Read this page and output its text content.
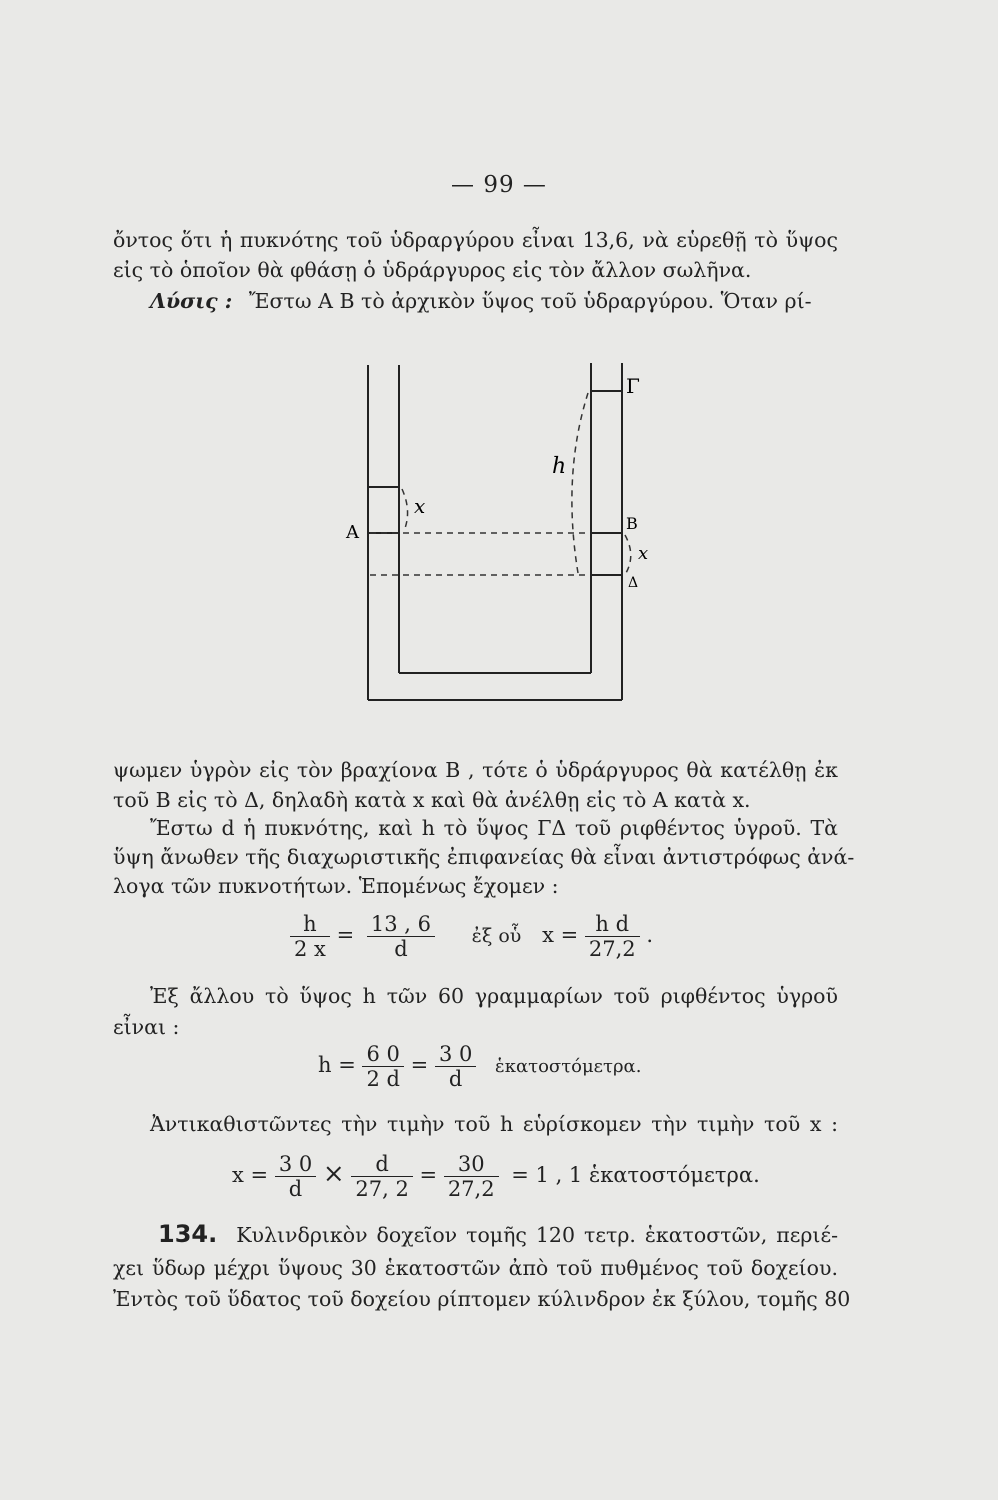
— 99 —
ὄντος ὅτι ἡ πυκνότης τοῦ ὑδραργύρου εἶναι 13,6, νὰ εὑρεθῇ τὸ ὕψος
εἰς τὸ ὁποῖον θὰ φθάσῃ ὁ ὑδράργυρος εἰς τὸν ἄλλον σωλῆνα.
Λύσις : Ἔστω Α Β τὸ ἀρχικὸν ὕψος τοῦ ὑδραργύρου. Ὅταν ρί-
Γ
h
x
A	B
x
Δ
ψωμεν ὑγρὸν εἰς τὸν βραχίονα Β , τότε ὁ ὑδράργυρος θὰ κατέλθῃ ἐκ
τοῦ Β εἰς τὸ Δ, δηλαδὴ κατὰ x καὶ θὰ ἀνέλθῃ εἰς τὸ Α κατὰ x.
Ἔστω d ἡ πυκνότης, καὶ h τὸ ὕψος ΓΔ τοῦ ριφθέντος ὑγροῦ. Τὰ
ὕψη ἄνωθεν τῆς διαχωριστικῆς ἐπιφανείας θὰ εἶναι ἀντιστρόφως ἀνά-
λογα τῶν πυκνοτήτων. Ἑπομένως ἔχομεν :
$\frac{h}{2 x} = \frac{13 , 6}{d}$ ἐξ οὗ $x = \frac{\text{h d}}{27,2}$ .
Ἐξ ἄλλου τὸ ὕψος h τῶν 60 γραμμαρίων τοῦ ριφθέντος ὑγροῦ
εἶναι :
$h = \frac{6 0}{2 d} = \frac{3 0}{d}$ ἑκατοστόμετρα.
Ἀντικαθιστῶντες τὴν τιμὴν τοῦ h εὑρίσκομεν τὴν τιμὴν τοῦ x :
$x = \frac{3 0}{d} \times \frac{d}{27, 2} = \frac{30}{27,2} = 1$ , 1 ἑκατοστόμετρα.
134. Κυλινδρικὸν δοχεῖον τομῆς 120 τετρ. ἑκατοστῶν, περιέ-
χει ὕδωρ μέχρι ὕψους 30 ἑκατοστῶν ἀπὸ τοῦ πυθμένος τοῦ δοχείου.
Ἐντὸς τοῦ ὕδατος τοῦ δοχείου ρίπτομεν κύλινδρον ἐκ ξύλου, τομῆς 80
